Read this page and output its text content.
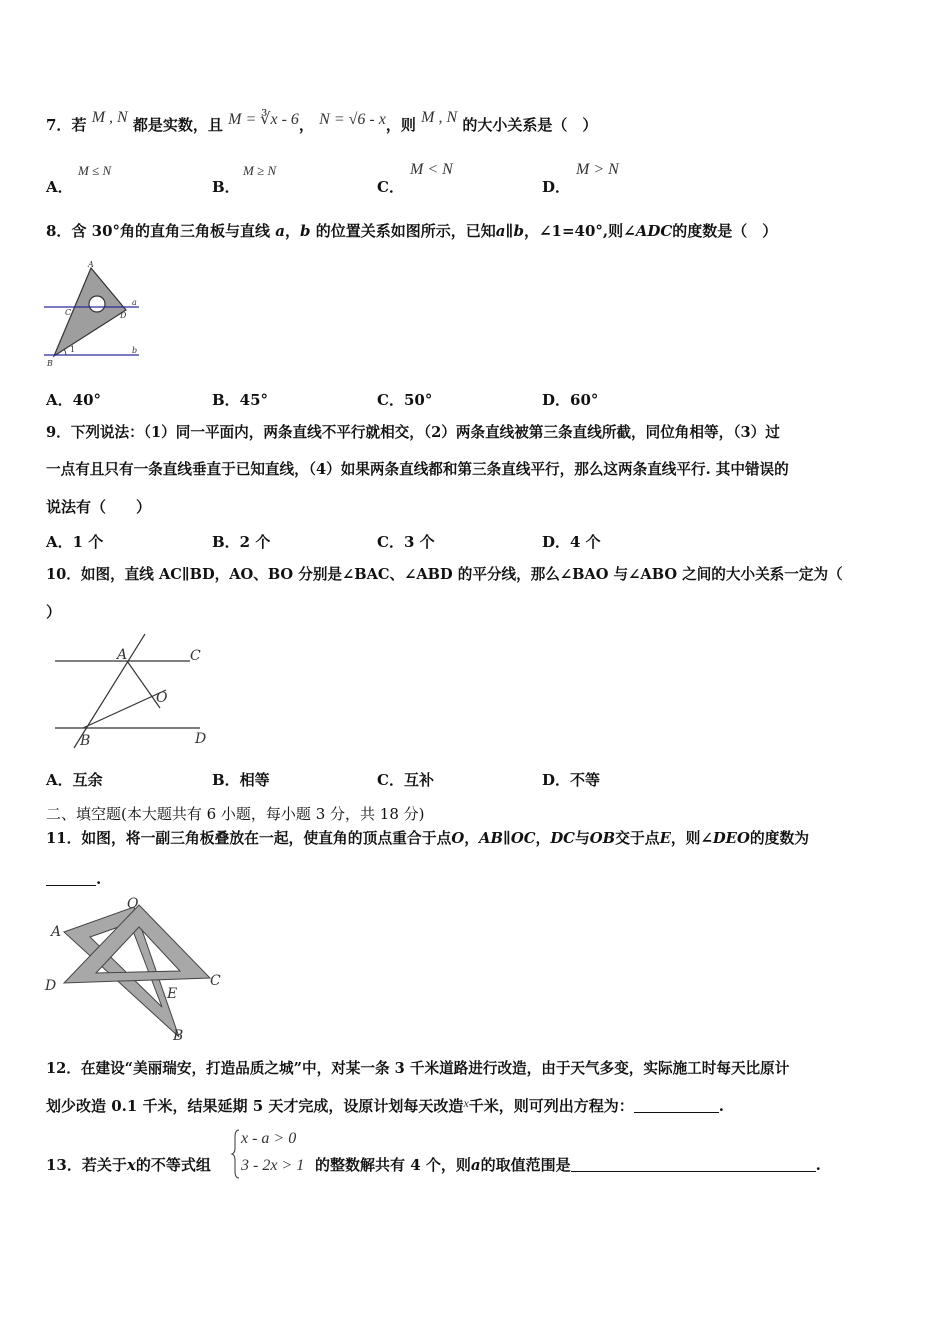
7．若 M , N 都是实数，且 M = ∛x - 6， N = √6 - x，则 M , N 的大小关系是（　）
A．
M ≤ N
B．
M ≥ N
C．
M < N
D．
M > N
8．含 30°角的直角三角板与直线 a，b 的位置关系如图所示，已知a∥b，∠1=40°,则∠ADC的度数是（　）
A
a
C	D
B
1	b
A．40°	B．45°	C．50°	D．60°
9．下列说法：（1）同一平面内，两条直线不平行就相交，（2）两条直线被第三条直线所截，同位角相等，（3）过
一点有且只有一条直线垂直于已知直线，（4）如果两条直线都和第三条直线平行，那么这两条直线平行. 其中错误的
说法有（　　）
A．1 个	B．2 个	C．3 个	D．4 个
10．如图，直线 AC∥BD，AO、BO 分别是∠BAC、∠ABD 的平分线，那么∠BAO 与∠ABO 之间的大小关系一定为（
）
A	C
O
B	D
A．互余	B．相等	C．互补	D．不等
二、填空题(本大题共有 6 小题，每小题 3 分，共 18 分)
11．如图，将一副三角板叠放在一起，使直角的顶点重合于点O，AB∥OC，DC与OB交于点E，则∠DEO的度数为
.
O
A
D	C
E
B
12．在建设“美丽瑞安，打造品质之城”中，对某一条 3 千米道路进行改造，由于天气多变，实际施工时每天比原计
划少改造 0.1 千米，结果延期 5 天才完成，设原计划每天改造$^x$千米，则可列出方程为：	.
13．若关于x的不等式组
x - a > 0
3 - 2x > 1 的整数解共有 4 个，则a的取值范围是	.
